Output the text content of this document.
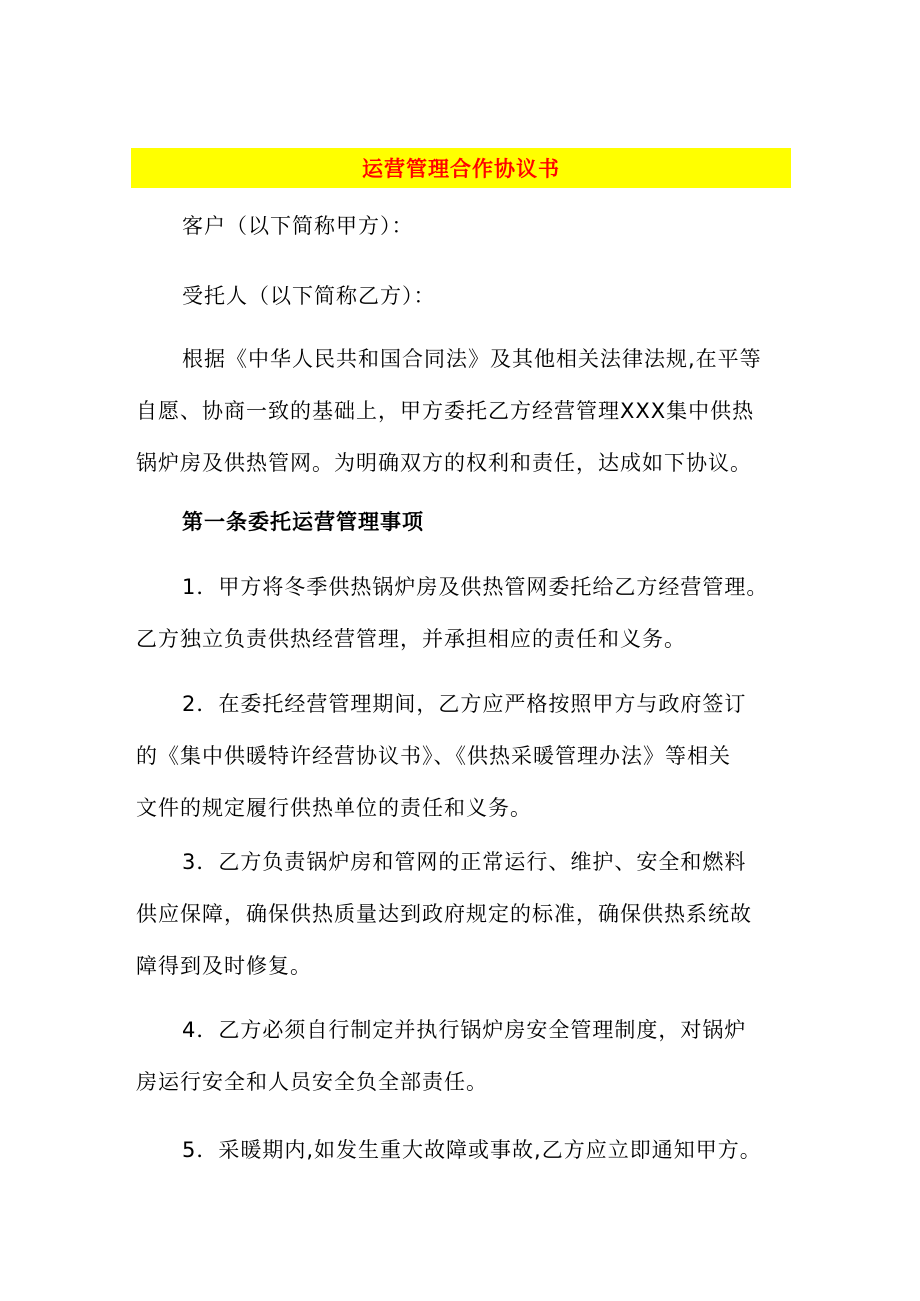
运营管理合作协议书

客户（以下简称甲方）：

受托人（以下简称乙方）：

根据《中华人民共和国合同法》及其他相关法律法规,在平等
自愿、协商一致的基础上，甲方委托乙方经营管理XXX集中供热
锅炉房及供热管网。为明确双方的权利和责任，达成如下协议。

第一条委托运营管理事项

1．甲方将冬季供热锅炉房及供热管网委托给乙方经营管理。
乙方独立负责供热经营管理，并承担相应的责任和义务。

2．在委托经营管理期间，乙方应严格按照甲方与政府签订
的《集中供暖特许经营协议书》、《供热采暖管理办法》等相关
文件的规定履行供热单位的责任和义务。

3．乙方负责锅炉房和管网的正常运行、维护、安全和燃料
供应保障，确保供热质量达到政府规定的标准，确保供热系统故
障得到及时修复。

4．乙方必须自行制定并执行锅炉房安全管理制度，对锅炉
房运行安全和人员安全负全部责任。

5．采暖期内,如发生重大故障或事故,乙方应立即通知甲方。
